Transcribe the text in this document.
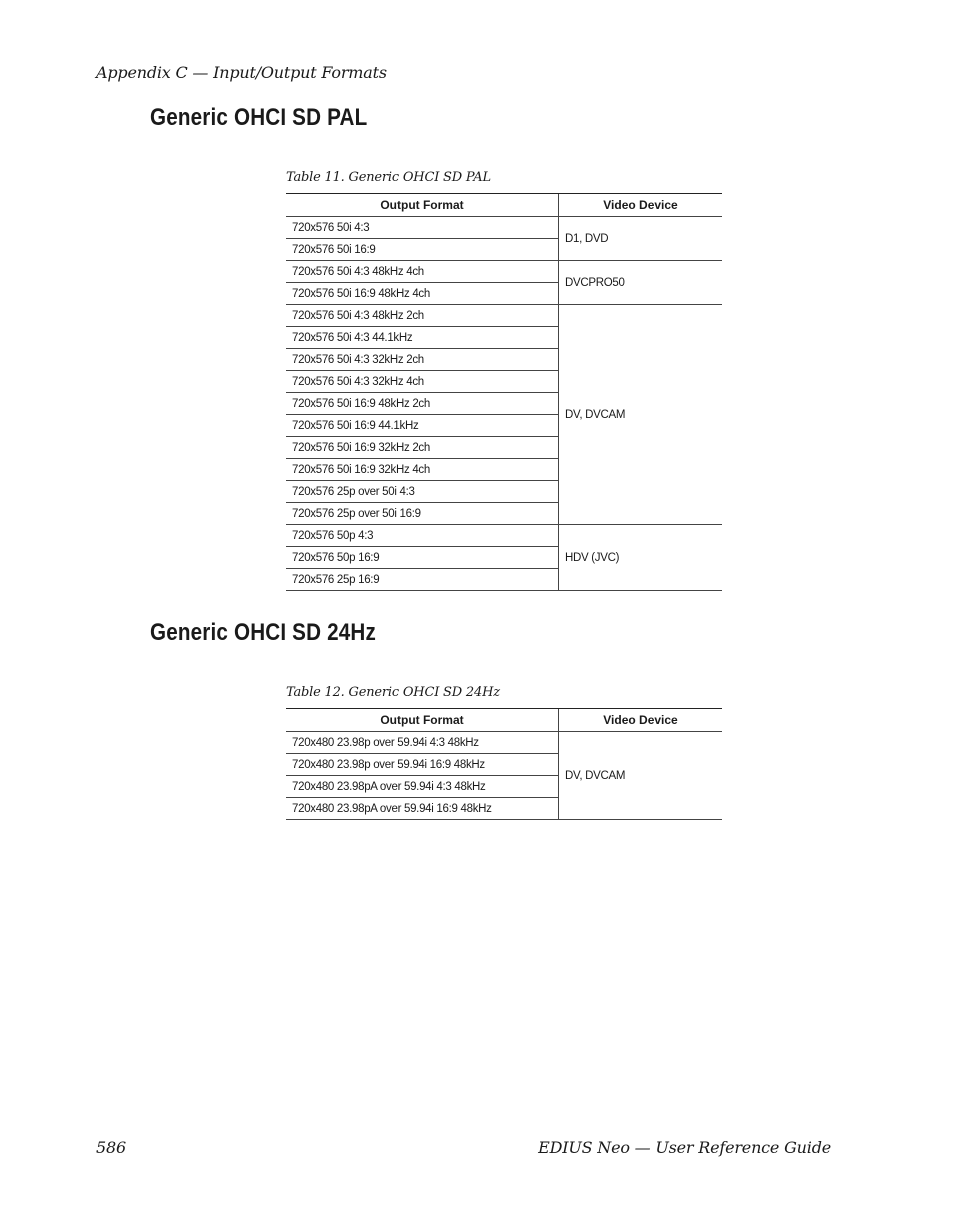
Appendix C — Input/Output Formats
Generic OHCI SD PAL
Table 11. Generic OHCI SD PAL
Output Format	Video Device
720x576 50i 4:3	D1, DVD
720x576 50i 16:9	
720x576 50i 4:3 48kHz 4ch	DVCPRO50
720x576 50i 16:9 48kHz 4ch	
720x576 50i 4:3 48kHz 2ch	DV, DVCAM
720x576 50i 4:3 44.1kHz	
720x576 50i 4:3 32kHz 2ch	
720x576 50i 4:3 32kHz 4ch	
720x576 50i 16:9 48kHz 2ch	
720x576 50i 16:9 44.1kHz	
720x576 50i 16:9 32kHz 2ch	
720x576 50i 16:9 32kHz 4ch	
720x576 25p over 50i 4:3	
720x576 25p over 50i 16:9	
720x576 50p 4:3	HDV (JVC)
720x576 50p 16:9	
720x576 25p 16:9	
Generic OHCI SD 24Hz
Table 12. Generic OHCI SD 24Hz
Output Format	Video Device
720x480 23.98p over 59.94i 4:3 48kHz	DV, DVCAM
720x480 23.98p over 59.94i 16:9 48kHz	
720x480 23.98pA over 59.94i 4:3 48kHz	
720x480 23.98pA over 59.94i 16:9 48kHz	
586	EDIUS Neo — User Reference Guide
